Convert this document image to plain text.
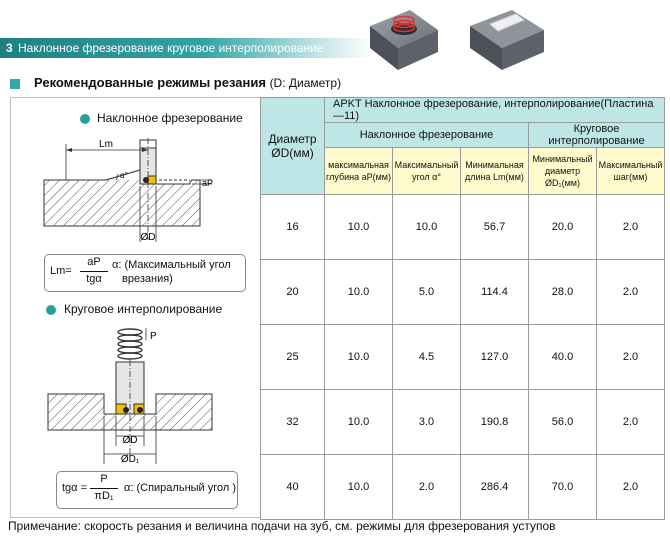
3 Наклонное фрезерование круговое интерполирование
Рекомендованные режимы резания (D: Диаметр)
Наклонное фрезерование
Lm
α°
aP
ØD
Lm=
aP
tgα
α: (Максимальный угол
врезания)
Круговое интерполирование
P
ØD
ØD₁
tgα =
P
πD₁
α: (Спиральный угол )
Диаметр ØD(мм)	APKT Наклонное фрезерование, интерполирование(Пластина—11)				
	Наклонное фрезерование			Круговое интерполирование	
	максимальная глубина aP(мм)	Максимальный угол α°	Минимальная длина Lm(мм)	Минимальный диаметр ØD₁(мм)	Максимальный шаг(мм)
16	10.0	10.0	56.7	20.0	2.0
20	10.0	5.0	114.4	28.0	2.0
25	10.0	4.5	127.0	40.0	2.0
32	10.0	3.0	190.8	56.0	2.0
40	10.0	2.0	286.4	70.0	2.0
Примечание: скорость резания и величина подачи на зуб, см. режимы для фрезерования уступов
